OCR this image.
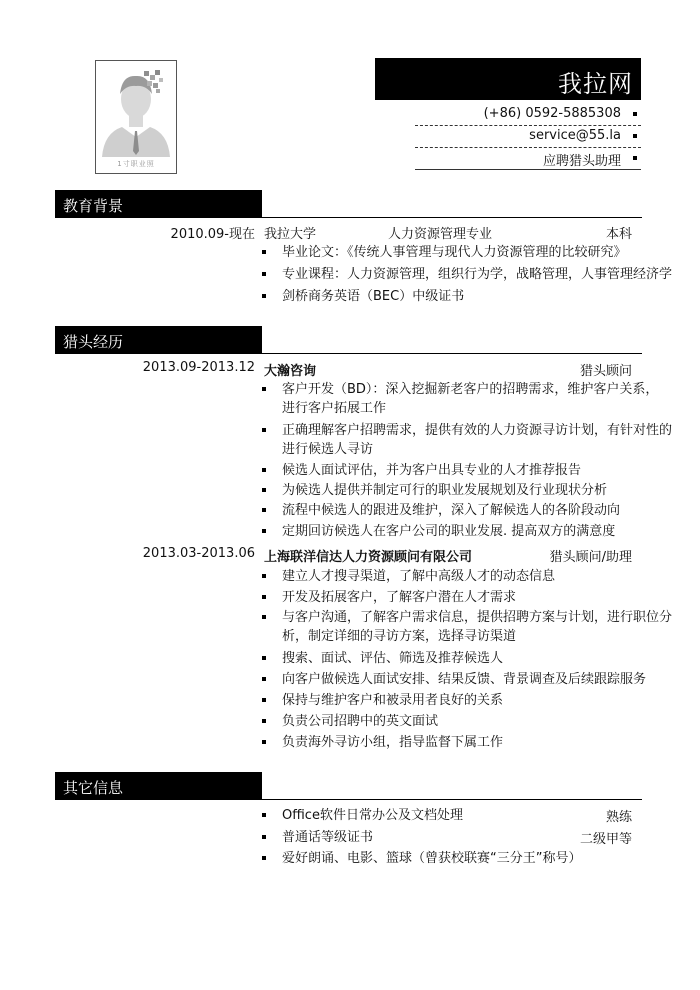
1寸职业照
我拉网
(+86) 0592-5885308
service@55.la
应聘猎头助理
教育背景
2010.09-现在 我拉大学	人力资源管理专业	本科
毕业论文：《传统人事管理与现代人力资源管理的比较研究》
专业课程：人力资源管理，组织行为学，战略管理，人事管理经济学
剑桥商务英语（BEC）中级证书
猎头经历
2013.09-2013.12 大瀚咨询	猎头顾问
客户开发（BD）：深入挖掘新老客户的招聘需求，维护客户关系，
进行客户拓展工作
正确理解客户招聘需求，提供有效的人力资源寻访计划，有针对性的
进行候选人寻访
候选人面试评估，并为客户出具专业的人才推荐报告
为候选人提供并制定可行的职业发展规划及行业现状分析
流程中候选人的跟进及维护，深入了解候选人的各阶段动向
定期回访候选人在客户公司的职业发展. 提高双方的满意度
2013.03-2013.06 上海联洋信达人力资源顾问有限公司	猎头顾问/助理
建立人才搜寻渠道，了解中高级人才的动态信息
开发及拓展客户，了解客户潜在人才需求
与客户沟通，了解客户需求信息，提供招聘方案与计划，进行职位分
析，制定详细的寻访方案，选择寻访渠道
搜索、面试、评估、筛选及推荐候选人
向客户做候选人面试安排、结果反馈、背景调查及后续跟踪服务
保持与维护客户和被录用者良好的关系
负责公司招聘中的英文面试
负责海外寻访小组，指导监督下属工作
其它信息
Office软件日常办公及文档处理	熟练
普通话等级证书	二级甲等
爱好朗诵、电影、篮球（曾获校联赛“三分王”称号）
